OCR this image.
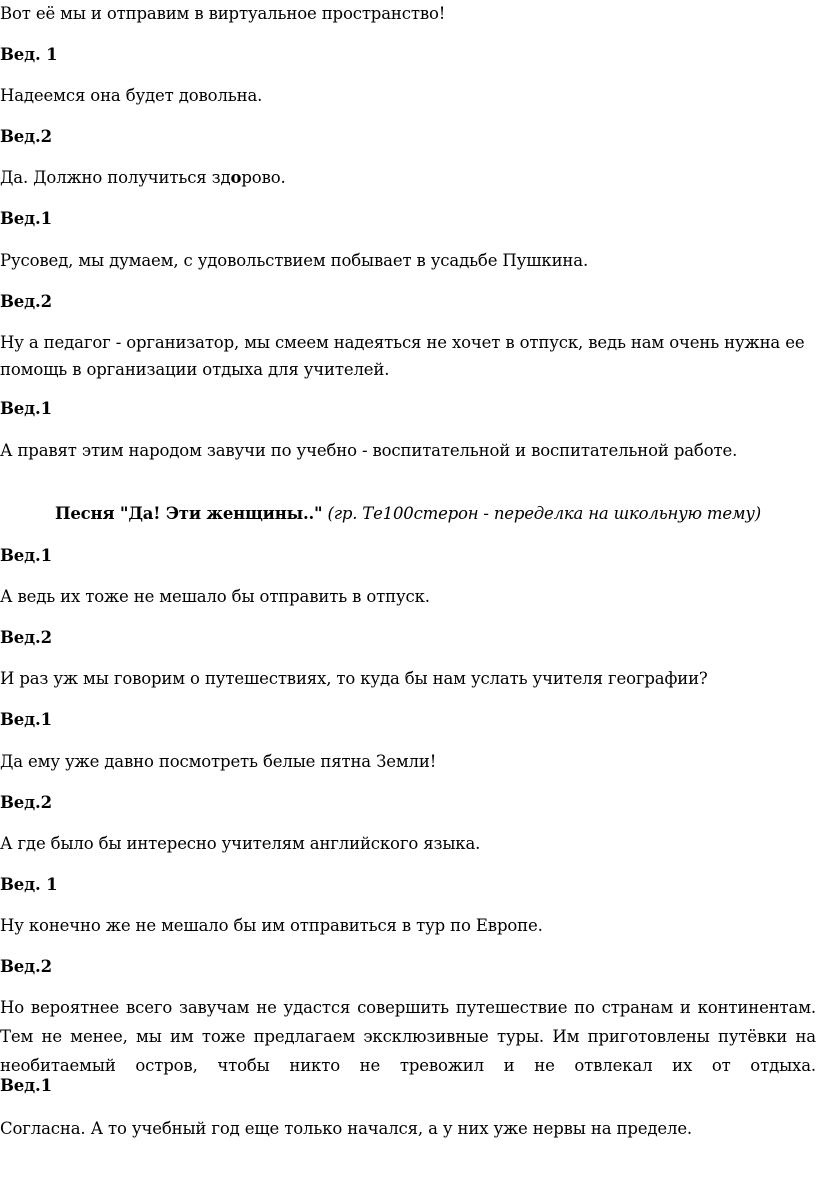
Вот её мы и отправим в виртуальное пространство!
Вед. 1
Надеемся она будет довольна.
Вед.2
Да. Должно получиться здорово.
Вед.1
Русовед, мы думаем, с удовольствием побывает в усадьбе Пушкина.
Вед.2
Ну а педагог - организатор, мы смеем надеяться не хочет в отпуск, ведь нам очень нужна ее
помощь в организации отдыха для учителей.
Вед.1
А правят этим народом завучи по учебно - воспитательной и воспитательной работе.
Песня "Да! Эти женщины.." (гр. Те100стерон - переделка на школьную тему)
Вед.1
А ведь их тоже не мешало бы отправить в отпуск.
Вед.2
И раз уж мы говорим о путешествиях, то куда бы нам услать учителя географии?
Вед.1
Да ему уже давно посмотреть белые пятна Земли!
Вед.2
А где было бы интересно учителям английского языка.
Вед. 1
Ну конечно же не мешало бы им отправиться в тур по Европе.
Вед.2
Но вероятнее всего завучам не удастся совершить путешествие по странам и континентам.
Тем не менее, мы им тоже предлагаем эксклюзивные туры. Им приготовлены путёвки на
необитаемый остров, чтобы никто не тревожил и не отвлекал их от отдыха.
Вед.1
Согласна. А то учебный год еще только начался, а у них уже нервы на пределе.
